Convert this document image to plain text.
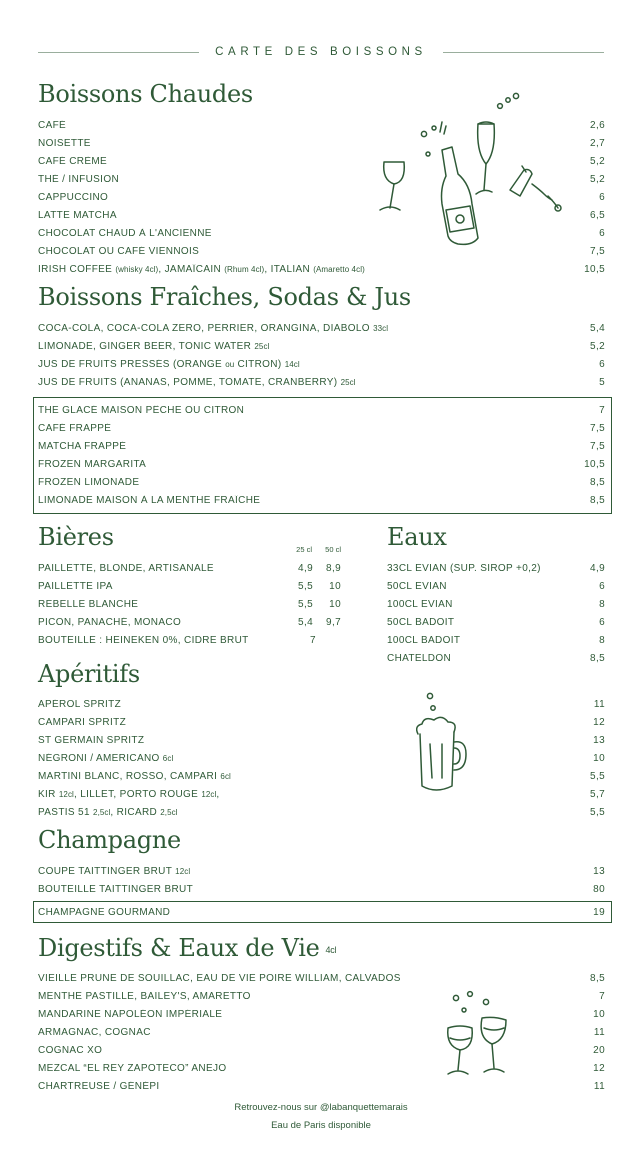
CARTE DES BOISSONS
Boissons Chaudes
CAFÉ	2,6
NOISETTE	2,7
CAFÉ CRÈME	5,2
THÉ / INFUSION	5,2
CAPPUCCINO	6
LATTE MATCHA	6,5
CHOCOLAT CHAUD À L'ANCIENNE	6
CHOCOLAT OU CAFÉ VIENNOIS	7,5
IRISH COFFEE (whisky 4cl), JAMAÏCAIN (Rhum 4cl), ITALIAN (Amaretto 4cl)	10,5
Boissons Fraîches, Sodas & Jus
COCA-COLA, COCA-COLA ZERO, PERRIER, ORANGINA, DIABOLO 33cl	5,4
LIMONADE, GINGER BEER, TONIC WATER 25cl	5,2
JUS DE FRUITS PRESSÉS (ORANGE ou CITRON) 14cl	6
JUS DE FRUITS (ANANAS, POMME, TOMATE, CRANBERRY) 25cl	5
THE GLACÉ MAISON PÊCHE OU CITRON	7
CAFÉ FRAPPÉ	7,5
MATCHA FRAPPÉ	7,5
FROZEN MARGARITA	10,5
FROZEN LIMONADE	8,5
LIMONADE MAISON À LA MENTHE FRAÎCHE	8,5
Bières	25 cl	50 cl
PAILLETTE, BLONDE, ARTISANALE	4,9	8,9
PAILLETTE IPA	5,5	10
REBELLE BLANCHE	5,5	10
PICON, PANACHÉ, MONACO	5,4	9,7
BOUTEILLE : HEINEKEN 0%, CIDRE BRUT	7
Eaux
33CL EVIAN (SUP. SIROP +0,2)	4,9
50CL EVIAN	6
100CL EVIAN	8
50CL BADOIT	6
100CL BADOIT	8
CHATELDON	8,5
Apéritifs
APÉROL SPRITZ	11
CAMPARI SPRITZ	12
ST GERMAIN SPRITZ	13
NÉGRONI / AMERICANO 6cl	10
MARTINI BLANC, ROSSO, CAMPARI 6cl	5,5
KIR 12cl, LILLET, PORTO ROUGE 12cl,	5,7
PASTIS 51 2,5cl, RICARD 2,5cl	5,5
Champagne
COUPE TAITTINGER BRUT 12cl	13
BOUTEILLE TAITTINGER BRUT	80
CHAMPAGNE GOURMAND	19
Digestifs & Eaux de Vie 4cl
VIEILLE PRUNE DE SOUILLAC, EAU DE VIE POIRE WILLIAM, CALVADOS	8,5
MENTHE PASTILLE, BAILEY'S, AMARETTO	7
MANDARINE NAPOLÉON IMPÉRIALE	10
ARMAGNAC, COGNAC	11
COGNAC XO	20
MEZCAL “EL REY ZAPOTECO” ANEJO	12
CHARTREUSE / GÉNÉPI	11
Retrouvez-nous sur @labanquettemarais
Eau de Paris disponible
